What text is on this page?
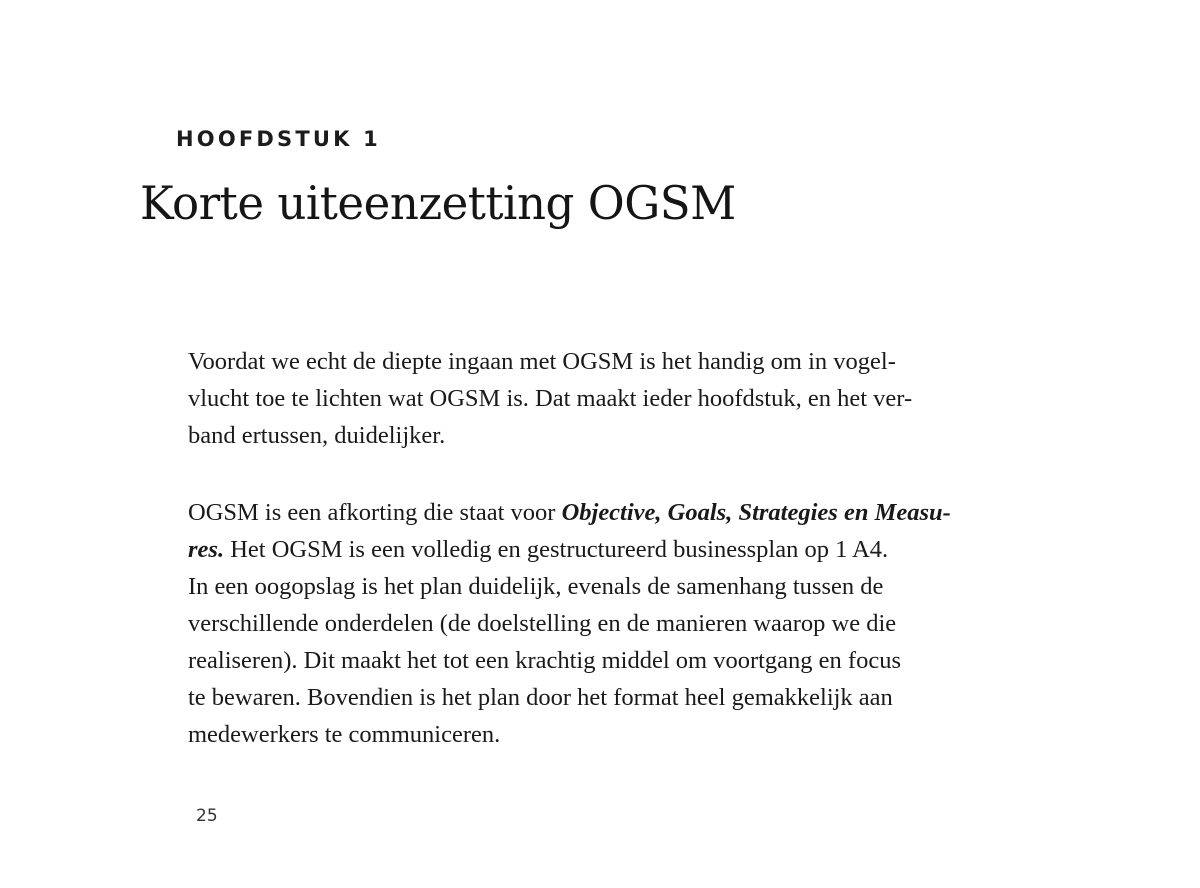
HOOFDSTUK 1
Korte uiteenzetting OGSM
Voordat we echt de diepte ingaan met OGSM is het handig om in vogel-
vlucht toe te lichten wat OGSM is. Dat maakt ieder hoofdstuk, en het ver-
band ertussen, duidelijker.
OGSM is een afkorting die staat voor Objective, Goals, Strategies en Measu-
res. Het OGSM is een volledig en gestructureerd businessplan op 1 A4.
In een oogopslag is het plan duidelijk, evenals de samenhang tussen de
verschillende onderdelen (de doelstelling en de manieren waarop we die
realiseren). Dit maakt het tot een krachtig middel om voortgang en focus
te bewaren. Bovendien is het plan door het format heel gemakkelijk aan
medewerkers te communiceren.
25
